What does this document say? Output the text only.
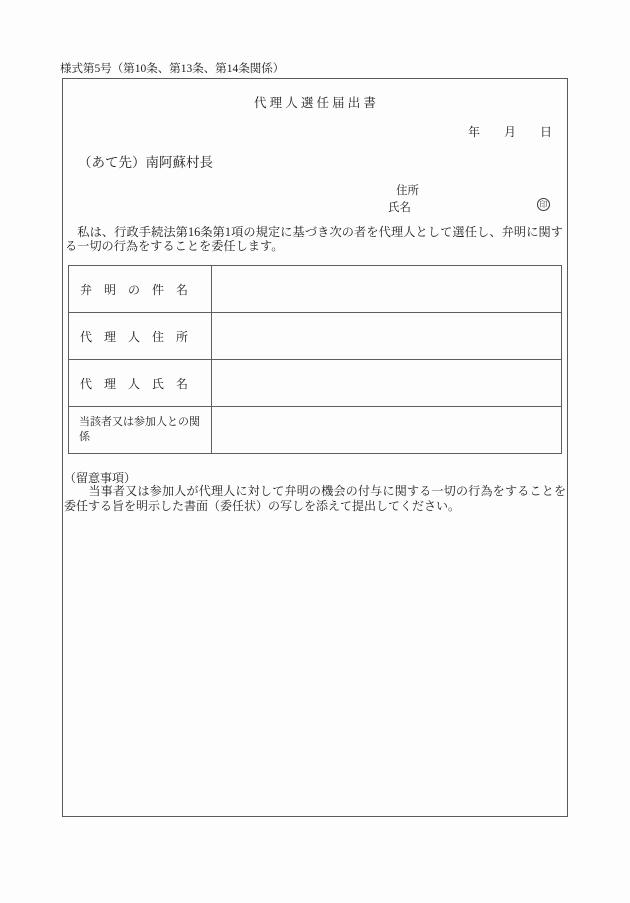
様式第5号（第10条、第13条、第14条関係）
代 理 人 選 任 届 出 書
年　　月　　日
（あて先）南阿蘇村長
住所
氏名	印
　私は、行政手続法第16条第1項の規定に基づき次の者を代理人として選任し、弁明に関する一切の行為をすることを委任します。
弁　明　の　件　名	
代　理　人　住　所	
代　理　人　氏　名	
当該者又は参加人との関係	
（留意事項）
　　当事者又は参加人が代理人に対して弁明の機会の付与に関する一切の行為をすることを委任する旨を明示した書面（委任状）の写しを添えて提出してください。
